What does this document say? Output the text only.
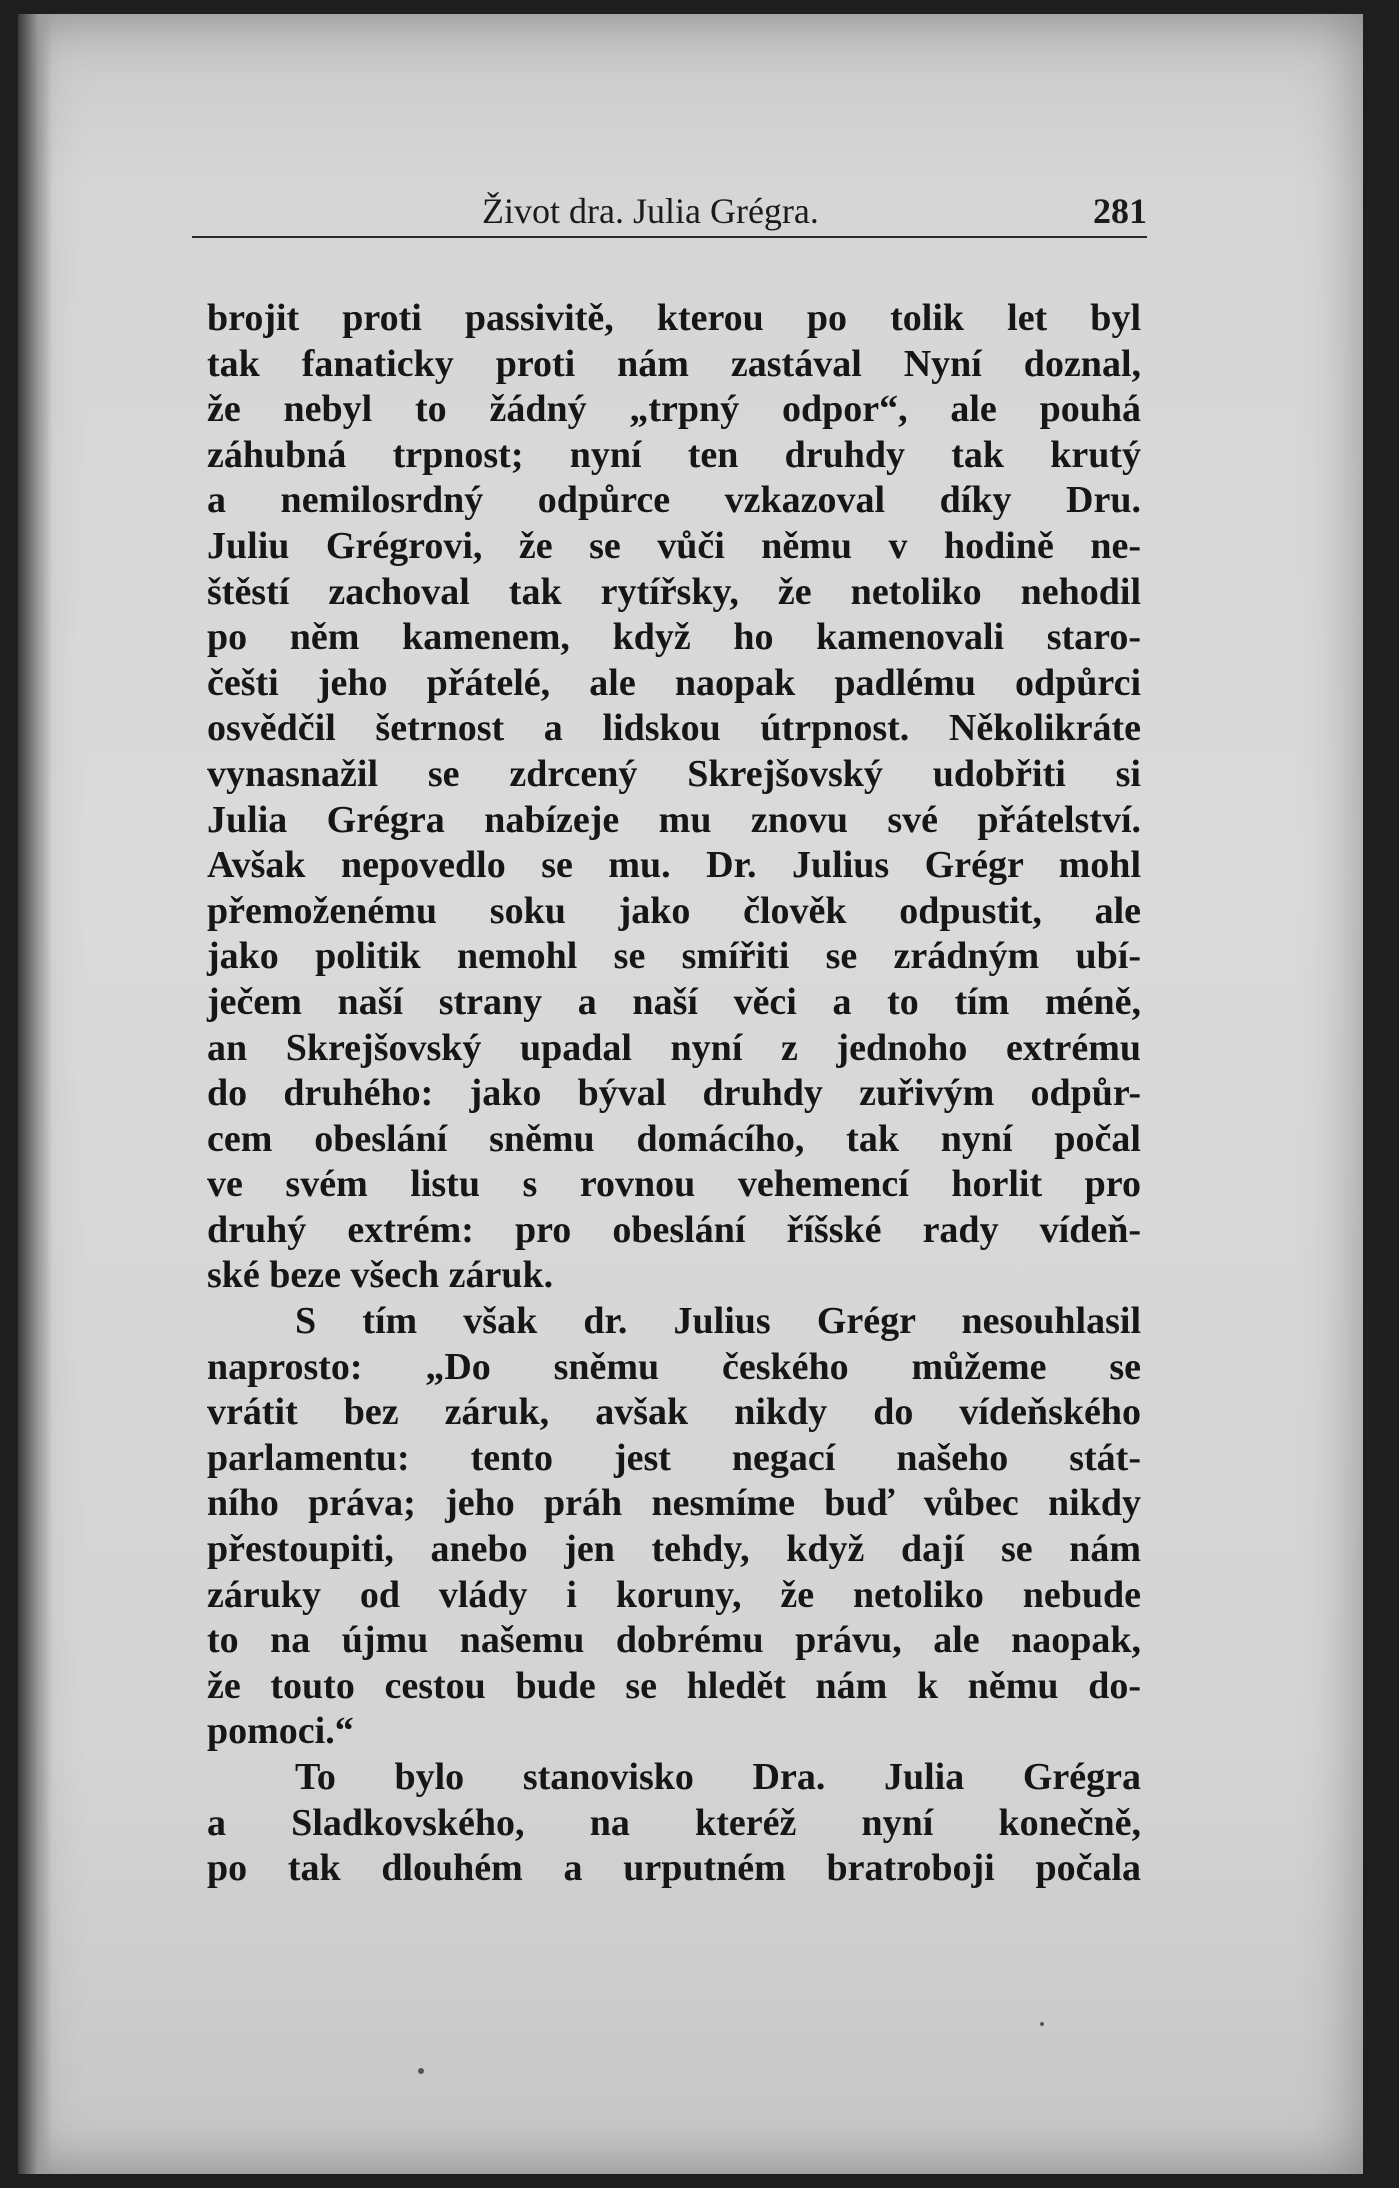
Život dra. Julia Grégra.	281
brojit proti passivitě, kterou po tolik let byl
tak fanaticky proti nám zastával Nyní doznal,
že nebyl to žádný „trpný odpor“, ale pouhá
záhubná trpnost; nyní ten druhdy tak krutý
a nemilosrdný odpůrce vzkazoval díky Dru.
Juliu Grégrovi, že se vůči němu v hodině ne-
štěstí zachoval tak rytířsky, že netoliko nehodil
po něm kamenem, když ho kamenovali staro-
češti jeho přátelé, ale naopak padlému odpůrci
osvědčil šetrnost a lidskou útrpnost. Několikráte
vynasnažil se zdrcený Skrejšovský udobřiti si
Julia Grégra nabízeje mu znovu své přátelství.
Avšak nepovedlo se mu. Dr. Julius Grégr mohl
přemoženému soku jako člověk odpustit, ale
jako politik nemohl se smířiti se zrádným ubí-
ječem naší strany a naší věci a to tím méně,
an Skrejšovský upadal nyní z jednoho extrému
do druhého: jako býval druhdy zuřivým odpůr-
cem obeslání sněmu domácího, tak nyní počal
ve svém listu s rovnou vehemencí horlit pro
druhý extrém: pro obeslání říšské rady vídeň-
ské beze všech záruk.
S tím však dr. Julius Grégr nesouhlasil
naprosto: „Do sněmu českého můžeme se
vrátit bez záruk, avšak nikdy do vídeňského
parlamentu: tento jest negací našeho stát-
ního práva; jeho práh nesmíme buď vůbec nikdy
přestoupiti, anebo jen tehdy, když dají se nám
záruky od vlády i koruny, že netoliko nebude
to na újmu našemu dobrému právu, ale naopak,
že touto cestou bude se hledět nám k němu do-
pomoci.“
To bylo stanovisko Dra. Julia Grégra
a Sladkovského, na kteréž nyní konečně,
po tak dlouhém a urputném bratroboji počala
